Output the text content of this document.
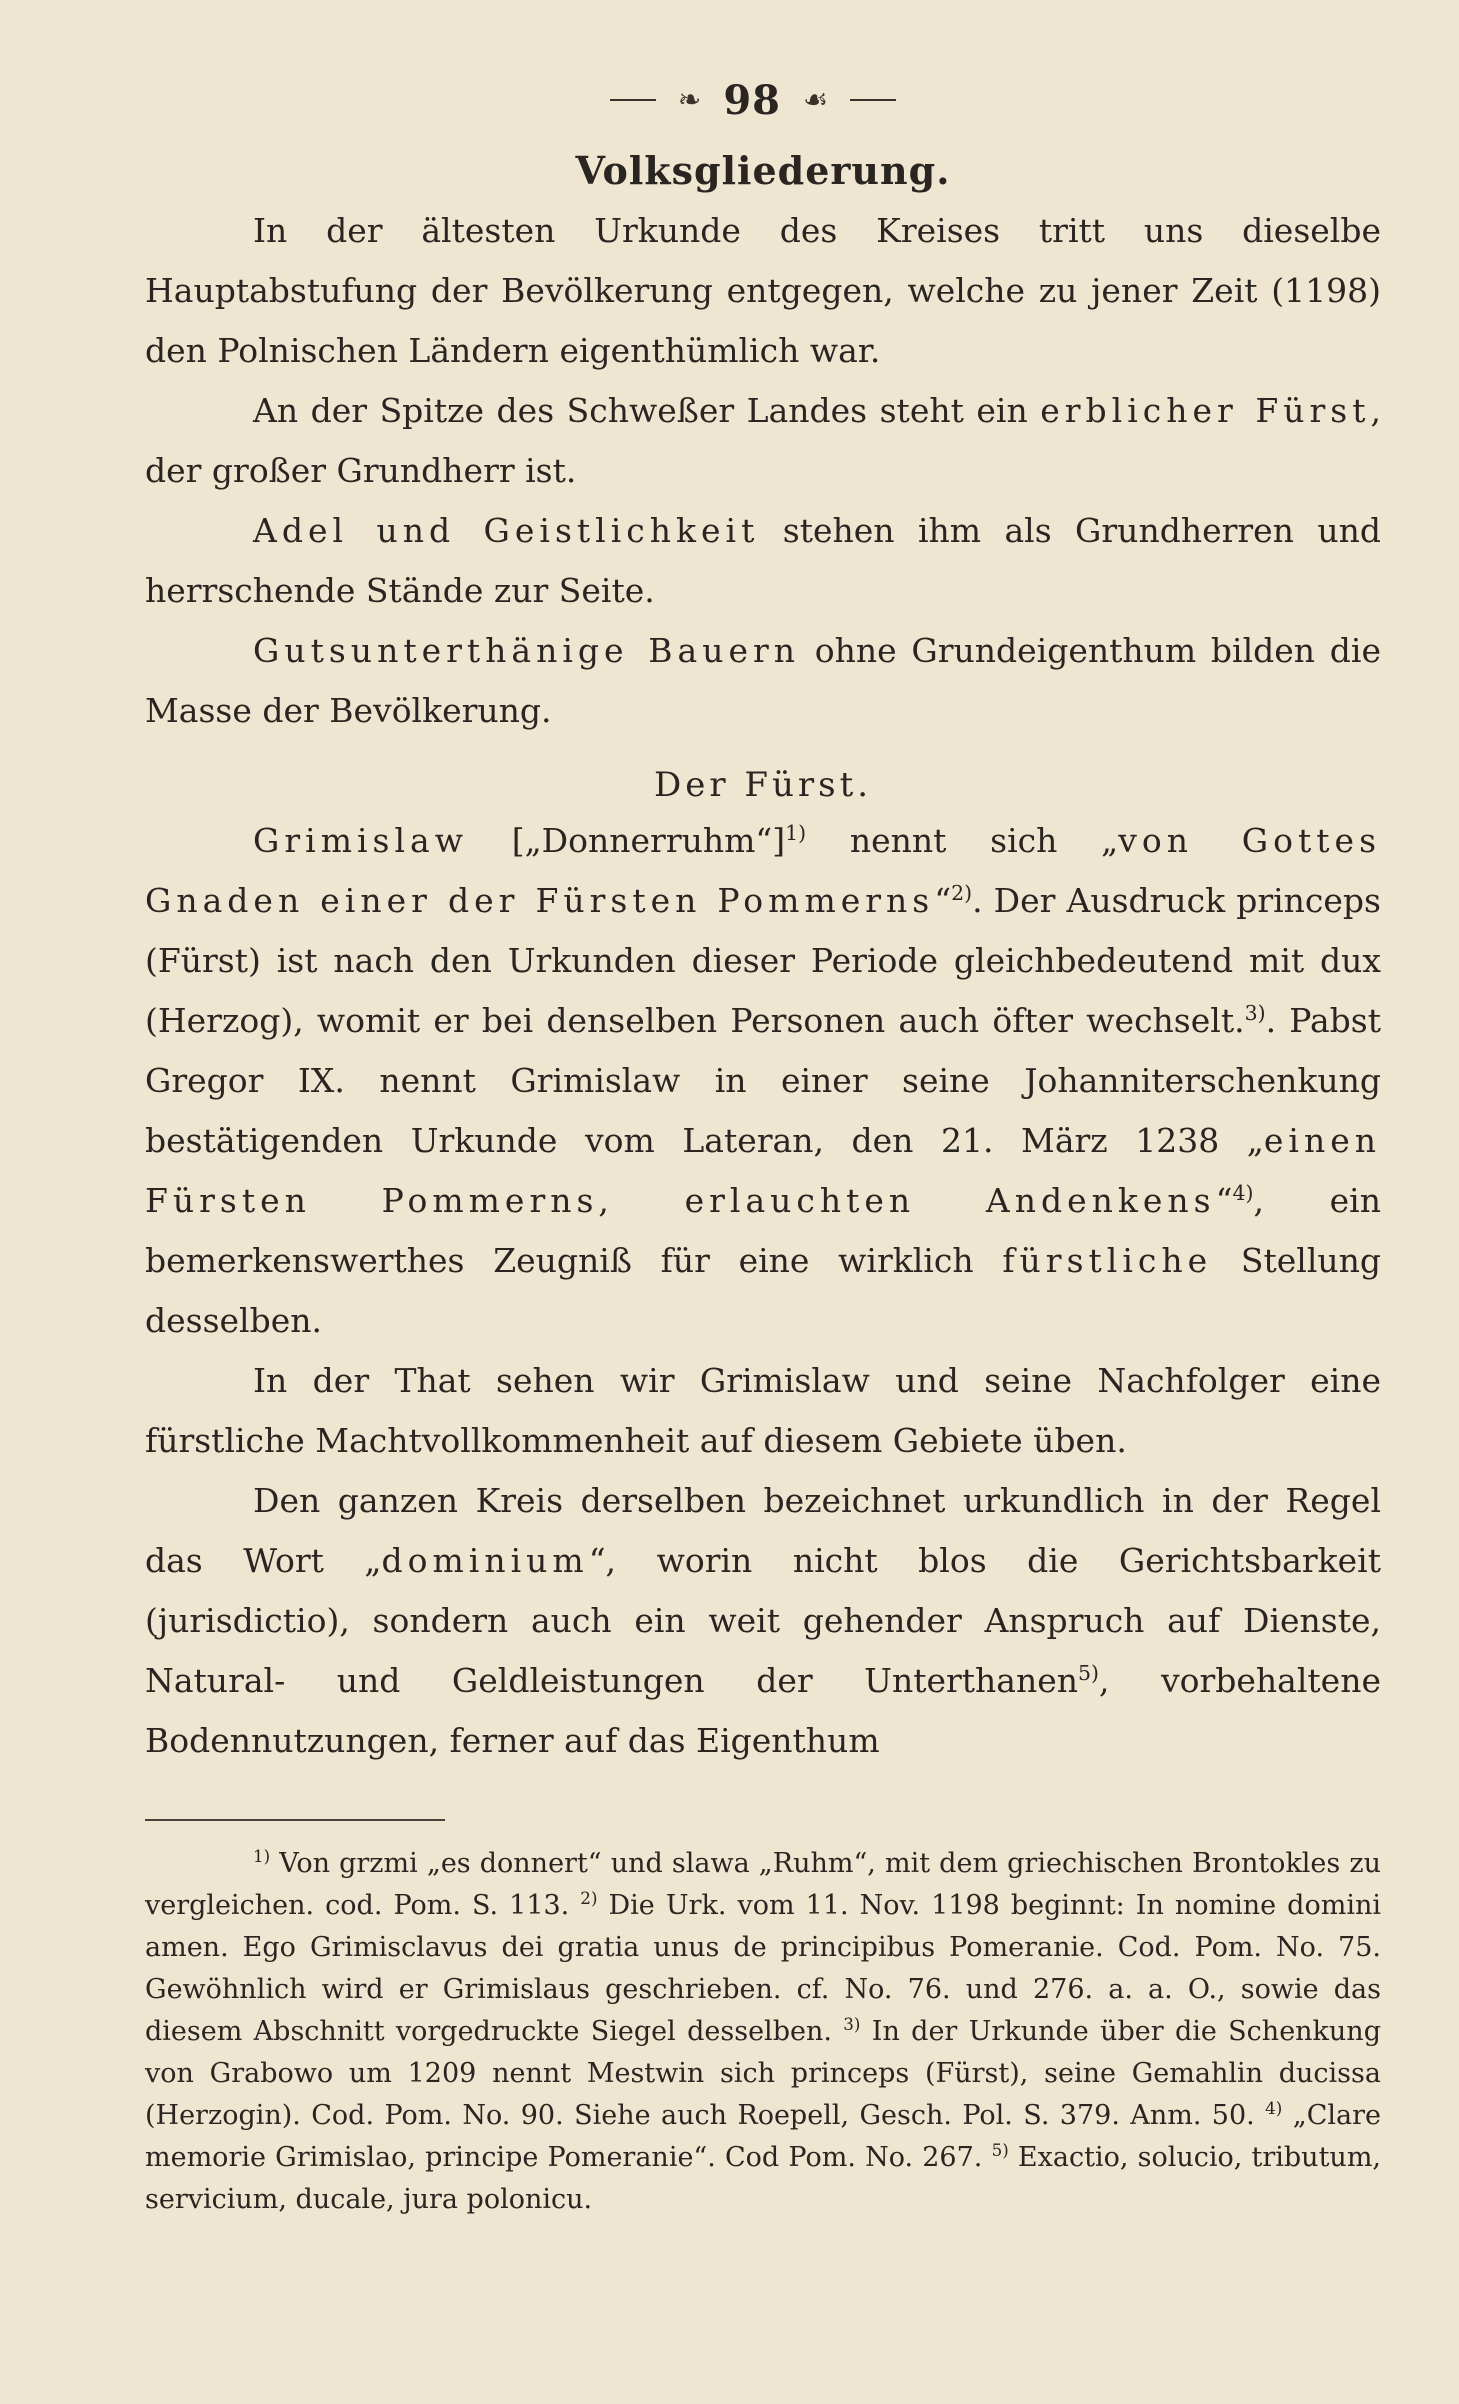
❧ 98 ☙
Volksgliederung.

In der ältesten Urkunde des Kreises tritt uns dieselbe Hauptabstufung der Bevölkerung entgegen, welche zu jener Zeit (1198) den Polnischen Ländern eigenthümlich war.

An der Spitze des Schweßer Landes steht ein erblicher Fürst, der großer Grundherr ist.

Adel und Geistlichkeit stehen ihm als Grundherren und herrschende Stände zur Seite.

Gutsunterthänige Bauern ohne Grundeigenthum bilden die Masse der Bevölkerung.

Der Fürst.

Grimislaw [„Donnerruhm“]$^{1)}$ nennt sich „von Gottes Gnaden einer der Fürsten Pommerns“$^{2)}$. Der Ausdruck princeps (Fürst) ist nach den Urkunden dieser Periode gleichbedeutend mit dux (Herzog), womit er bei denselben Personen auch öfter wechselt.$^{3)}$. Pabst Gregor IX. nennt Grimislaw in einer seine Johanniterschenkung bestätigenden Urkunde vom Lateran, den 21. März 1238 „einen Fürsten Pommerns, erlauchten Andenkens“$^{4)}$, ein bemerkenswerthes Zeugniß für eine wirklich fürstliche Stellung desselben.

In der That sehen wir Grimislaw und seine Nachfolger eine fürstliche Machtvollkommenheit auf diesem Gebiete üben.

Den ganzen Kreis derselben bezeichnet urkundlich in der Regel das Wort „dominium“, worin nicht blos die Gerichtsbarkeit (jurisdictio), sondern auch ein weit gehender Anspruch auf Dienste, Natural- und Geldleistungen der Unterthanen$^{5)}$, vorbehaltene Bodennutzungen, ferner auf das Eigenthum

$^{1)}$ Von grzmi „es donnert“ und slawa „Ruhm“, mit dem griechischen Brontokles zu vergleichen. cod. Pom. S. 113. $^{2)}$ Die Urk. vom 11. Nov. 1198 beginnt: In nomine domini amen. Ego Grimisclavus dei gratia unus de principibus Pomeranie. Cod. Pom. No. 75. Gewöhnlich wird er Grimislaus geschrieben. cf. No. 76. und 276. a. a. O., sowie das diesem Abschnitt vorgedruckte Siegel desselben. $^{3)}$ In der Urkunde über die Schenkung von Grabowo um 1209 nennt Mestwin sich princeps (Fürst), seine Gemahlin ducissa (Herzogin). Cod. Pom. No. 90. Siehe auch Roepell, Gesch. Pol. S. 379. Anm. 50. $^{4)}$ „Clare memorie Grimislao, principe Pomeranie“. Cod Pom. No. 267. $^{5)}$ Exactio, solucio, tributum, servicium, ducale, jura polonicu.
